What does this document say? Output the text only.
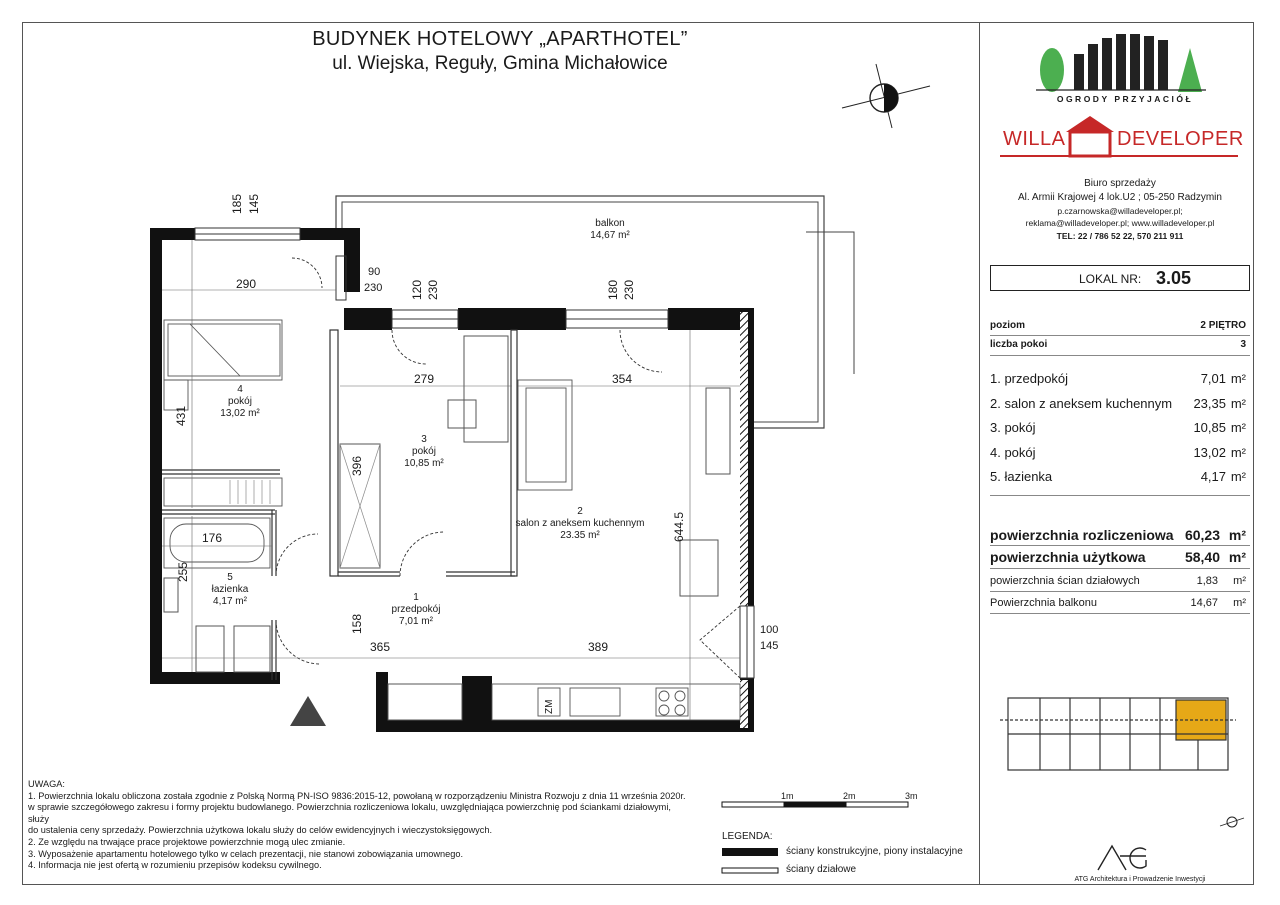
BUDYNEK HOTELOWY „APARTHOTEL”
ul. Wiejska, Reguły, Gmina Michałowice
balkon
14,67 m²
4
pokój
13,02 m²
3
pokój
10,85 m²
2
salon z aneksem kuchennym
23.35 m²
1
przedpokój
7,01 m²
5
łazienka
4,17 m²
290
279	354
176
365	389
431
396
255
158
644.5
185 145
90
230 120 230	180 230
100
145
ZM
1m	2m	3m
UWAGA:
1. Powierzchnia lokalu obliczona została zgodnie z Polską Normą PN-ISO 9836:2015-12, powołaną w rozporządzeniu Ministra Rozwoju z dnia 11 września 2020r.
w sprawie szczegółowego zakresu i formy projektu budowlanego. Powierzchnia rozliczeniowa lokalu, uwzględniająca powierzchnię pod ściankami działowymi, służy
do ustalenia ceny sprzedaży. Powierzchnia użytkowa lokalu służy do celów ewidencyjnych i wieczystoksięgowych.
2. Ze względu na trwające prace projektowe powierzchnie mogą ulec zmianie.
3. Wyposażenie apartamentu hotelowego tylko w celach prezentacji, nie stanowi zobowiązania umownego.
4. Informacja nie jest ofertą w rozumieniu przepisów kodeksu cywilnego.
LEGENDA:
ściany konstrukcyjne, piony instalacyjne
ściany działowe
OGRODY PRZYJACIÓŁ
WILLA	DEVELOPER
Biuro sprzedaży
Al. Armii Krajowej 4 lok.U2 ; 05-250 Radzymin
p.czarnowska@willadeveloper.pl;
reklama@willadeveloper.pl; www.willadeveloper.pl
TEL: 22 / 786 52 22, 570 211 911
LOKAL NR: 3.05
poziom	2 PIĘTRO
liczba pokoi	3
1. przedpokój	7,01 m²
2. salon z aneksem kuchennym 23,35 m²
3. pokój	10,85 m²
4. pokój	13,02 m²
5. łazienka	4,17 m²
powierzchnia rozliczeniowa 60,23 m²
powierzchnia użytkowa	58,40 m²
powierzchnia ścian działowych	1,83 m²
Powierzchnia balkonu	14,67 m²
ATG Architektura i Prowadzenie Inwestycji
